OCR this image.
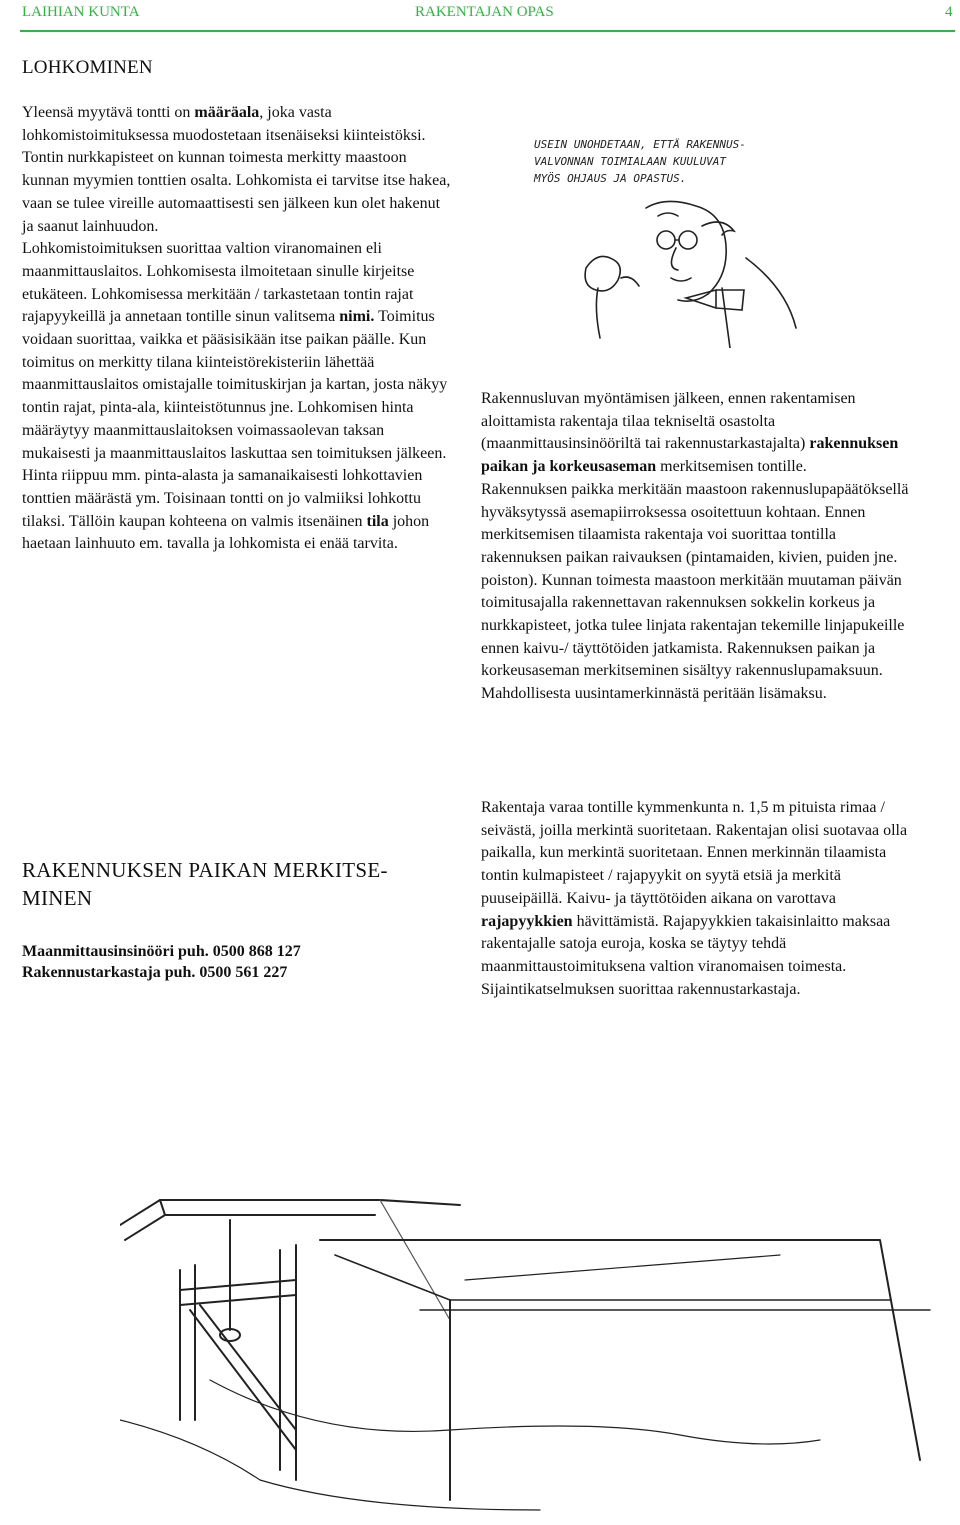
LAIHIAN KUNTA	RAKENTAJAN OPAS	4
LOHKOMINEN

Yleensä myytävä tontti on määräala, joka vasta lohkomistoimituksessa muodostetaan itsenäiseksi kiinteistöksi. Tontin nurkkapisteet on kunnan toimesta merkitty maastoon kunnan myymien tonttien osalta. Lohkomista ei tarvitse itse hakea, vaan se tulee vireille automaattisesti sen jälkeen kun olet hakenut ja saanut lainhuudon.

Lohkomistoimituksen suorittaa valtion viranomainen eli maanmittauslaitos. Lohkomisesta ilmoitetaan sinulle kirjeitse etukäteen. Lohkomisessa merkitään / tarkastetaan tontin rajat rajapyykeillä ja annetaan tontille sinun valitsema nimi. Toimitus voidaan suorittaa, vaikka et pääsisikään itse paikan päälle. Kun toimitus on merkitty tilana kiinteistörekisteriin lähettää maanmittauslaitos omistajalle toimituskirjan ja kartan, josta näkyy tontin rajat, pinta-ala, kiinteistötunnus jne. Lohkomisen hinta määräytyy maanmittauslaitoksen voimassaolevan taksan mukaisesti ja maanmittauslaitos laskuttaa sen toimituksen jälkeen. Hinta riippuu mm. pinta-alasta ja samanaikaisesti lohkottavien tonttien määrästä ym. Toisinaan tontti on jo valmiiksi lohkottu tilaksi. Tällöin kaupan kohteena on valmis itsenäinen tila johon haetaan lainhuuto em. tavalla ja lohkomista ei enää tarvita.

USEIN UNOHDETAAN, ETTÄ RAKENNUS-
VALVONNAN TOIMIALAAN KUULUVAT
MYÖS OHJAUS JA OPASTUS.

Rakennusluvan myöntämisen jälkeen, ennen rakentamisen aloittamista rakentaja tilaa tekniseltä osastolta (maanmittausinsinööriltä tai rakennustarkastajalta) rakennuksen paikan ja korkeusaseman merkitsemisen tontille.

Rakennuksen paikka merkitään maastoon rakennuslupapäätöksellä hyväksytyssä asemapiirroksessa osoitettuun kohtaan. Ennen merkitsemisen tilaamista rakentaja voi suorittaa tontilla rakennuksen paikan raivauksen (pintamaiden, kivien, puiden jne. poiston). Kunnan toimesta maastoon merkitään muutaman päivän toimitusajalla rakennettavan rakennuksen sokkelin korkeus ja nurkkapisteet, jotka tulee linjata rakentajan tekemille linjapukeille ennen kaivu-/ täyttötöiden jatkamista. Rakennuksen paikan ja korkeusaseman merkitseminen sisältyy rakennuslupamaksuun. Mahdollisesta uusintamerkinnästä peritään lisämaksu.

RAKENNUKSEN PAIKAN MERKITSE-
MINEN
Maanmittausinsinööri puh. 0500 868 127
Rakennustarkastaja puh. 0500 561 227

Rakentaja varaa tontille kymmenkunta n. 1,5 m pituista rimaa / seivästä, joilla merkintä suoritetaan. Rakentajan olisi suotavaa olla paikalla, kun merkintä suoritetaan. Ennen merkinnän tilaamista tontin kulmapisteet / rajapyykit on syytä etsiä ja merkitä puuseipäillä. Kaivu- ja täyttötöiden aikana on varottava rajapyykkien hävittämistä. Rajapyykkien takaisinlaitto maksaa rakentajalle satoja euroja, koska se täytyy tehdä maanmittaustoimituksena valtion viranomaisen toimesta. Sijaintikatselmuksen suorittaa rakennustarkastaja.
